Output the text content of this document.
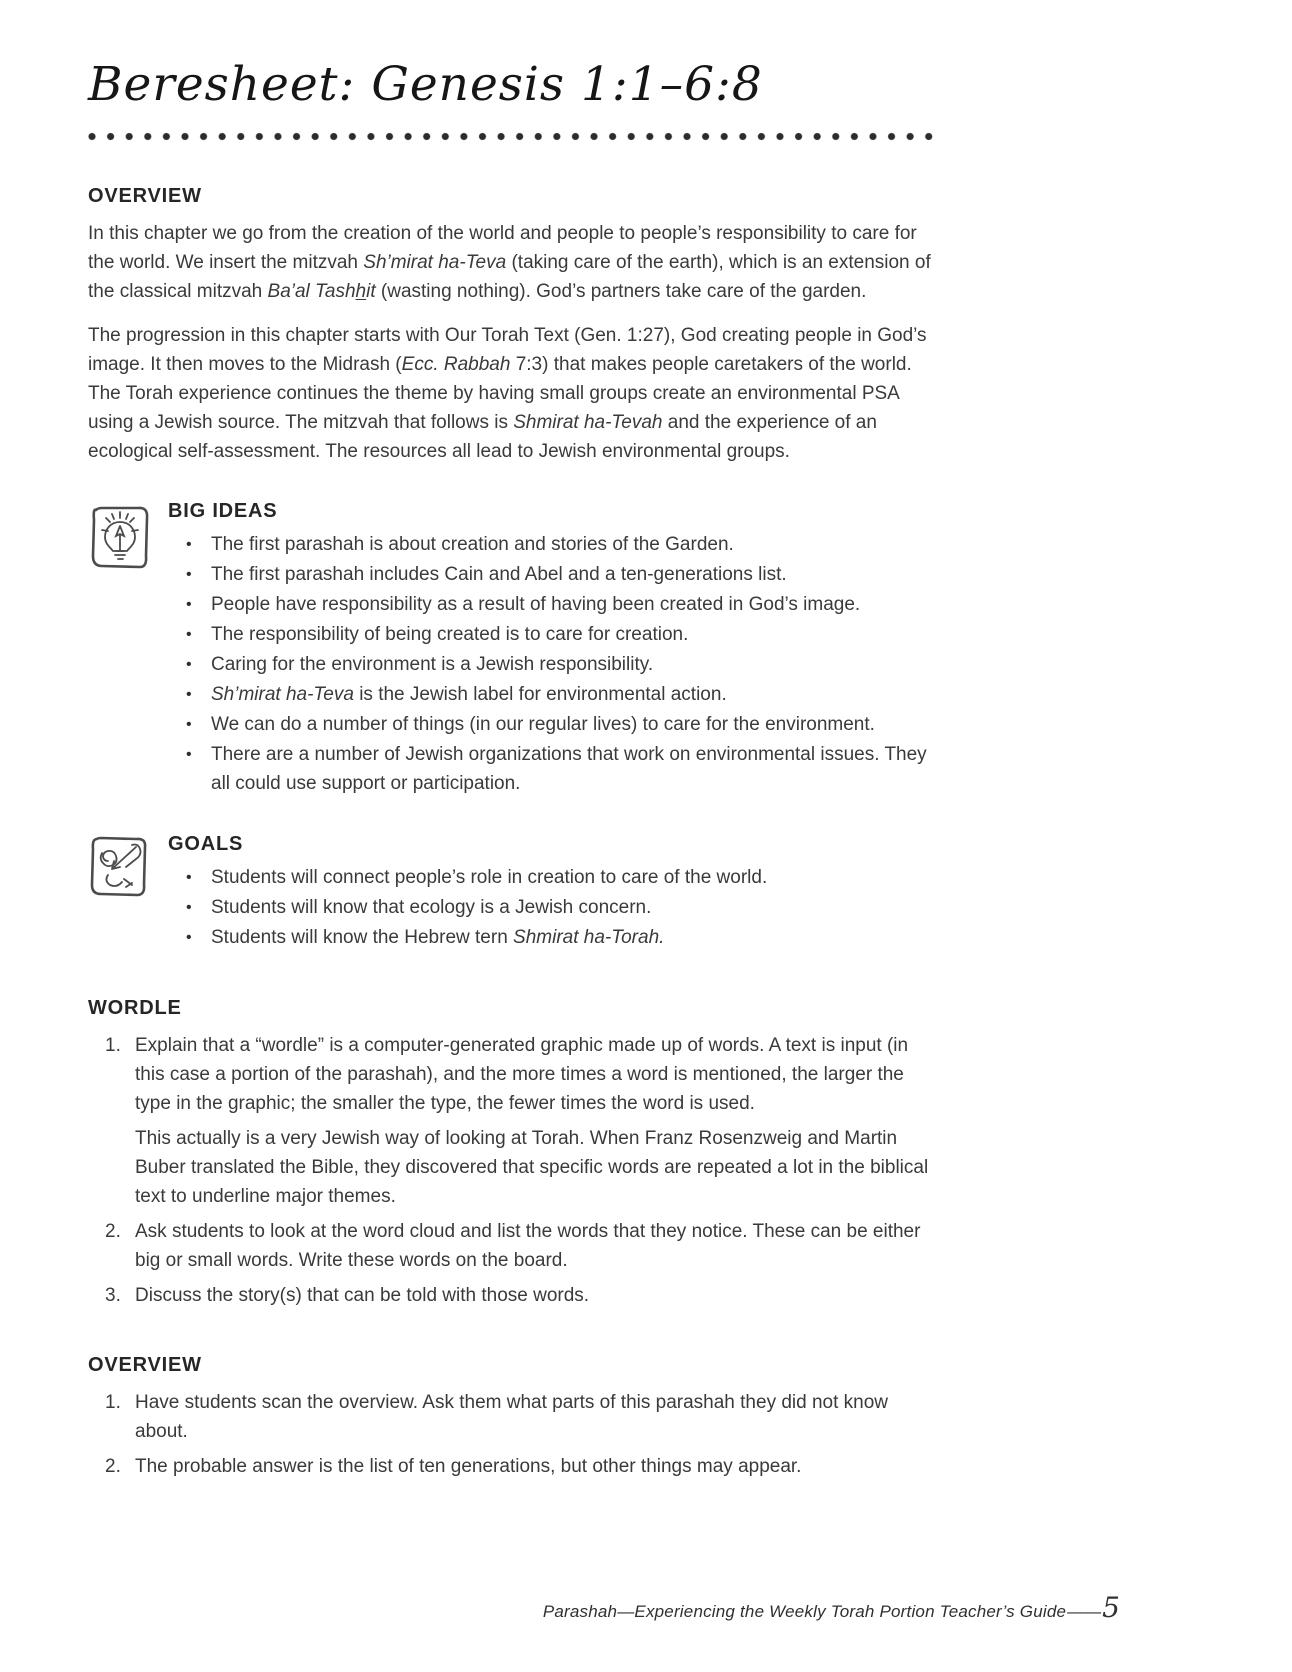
Beresheet: Genesis 1:1–6:8
OVERVIEW

In this chapter we go from the creation of the world and people to people’s responsibility to care for the world. We insert the mitzvah Sh’mirat ha-Teva (taking care of the earth), which is an extension of the classical mitzvah Ba’al Tashhit (wasting nothing). God’s partners take care of the garden.

The progression in this chapter starts with Our Torah Text (Gen. 1:27), God creating people in God’s image. It then moves to the Midrash (Ecc. Rabbah 7:3) that makes people caretakers of the world. The Torah experience continues the theme by having small groups create an environmental PSA using a Jewish source. The mitzvah that follows is Shmirat ha-Tevah and the experience of an ecological self-assessment. The resources all lead to Jewish environmental groups.

BIG IDEAS
•	The first parashah is about creation and stories of the Garden.
•	The first parashah includes Cain and Abel and a ten-generations list.
•	People have responsibility as a result of having been created in God’s image.
•	The responsibility of being created is to care for creation.
•	Caring for the environment is a Jewish responsibility.
•	Sh’mirat ha-Teva is the Jewish label for environmental action.
•	We can do a number of things (in our regular lives) to care for the environment.
•	There are a number of Jewish organizations that work on environmental issues. They all could use support or participation.
GOALS
•	Students will connect people’s role in creation to care of the world.
•	Students will know that ecology is a Jewish concern.
•	Students will know the Hebrew tern Shmirat ha-Torah.
WORDLE
1. Explain that a “wordle” is a computer-generated graphic made up of words. A text is input (in this case a portion of the parashah), and the more times a word is mentioned, the larger the type in the graphic; the smaller the type, the fewer times the word is used.
This actually is a very Jewish way of looking at Torah. When Franz Rosenzweig and Martin Buber translated the Bible, they discovered that specific words are repeated a lot in the biblical text to underline major themes.
2. Ask students to look at the word cloud and list the words that they notice. These can be either big or small words. Write these words on the board.
3. Discuss the story(s) that can be told with those words.
OVERVIEW
1. Have students scan the overview. Ask them what parts of this parashah they did not know about.
2. The probable answer is the list of ten generations, but other things may appear.
Parashah—Experiencing the Weekly Torah Portion Teacher’s Guide —— 5
